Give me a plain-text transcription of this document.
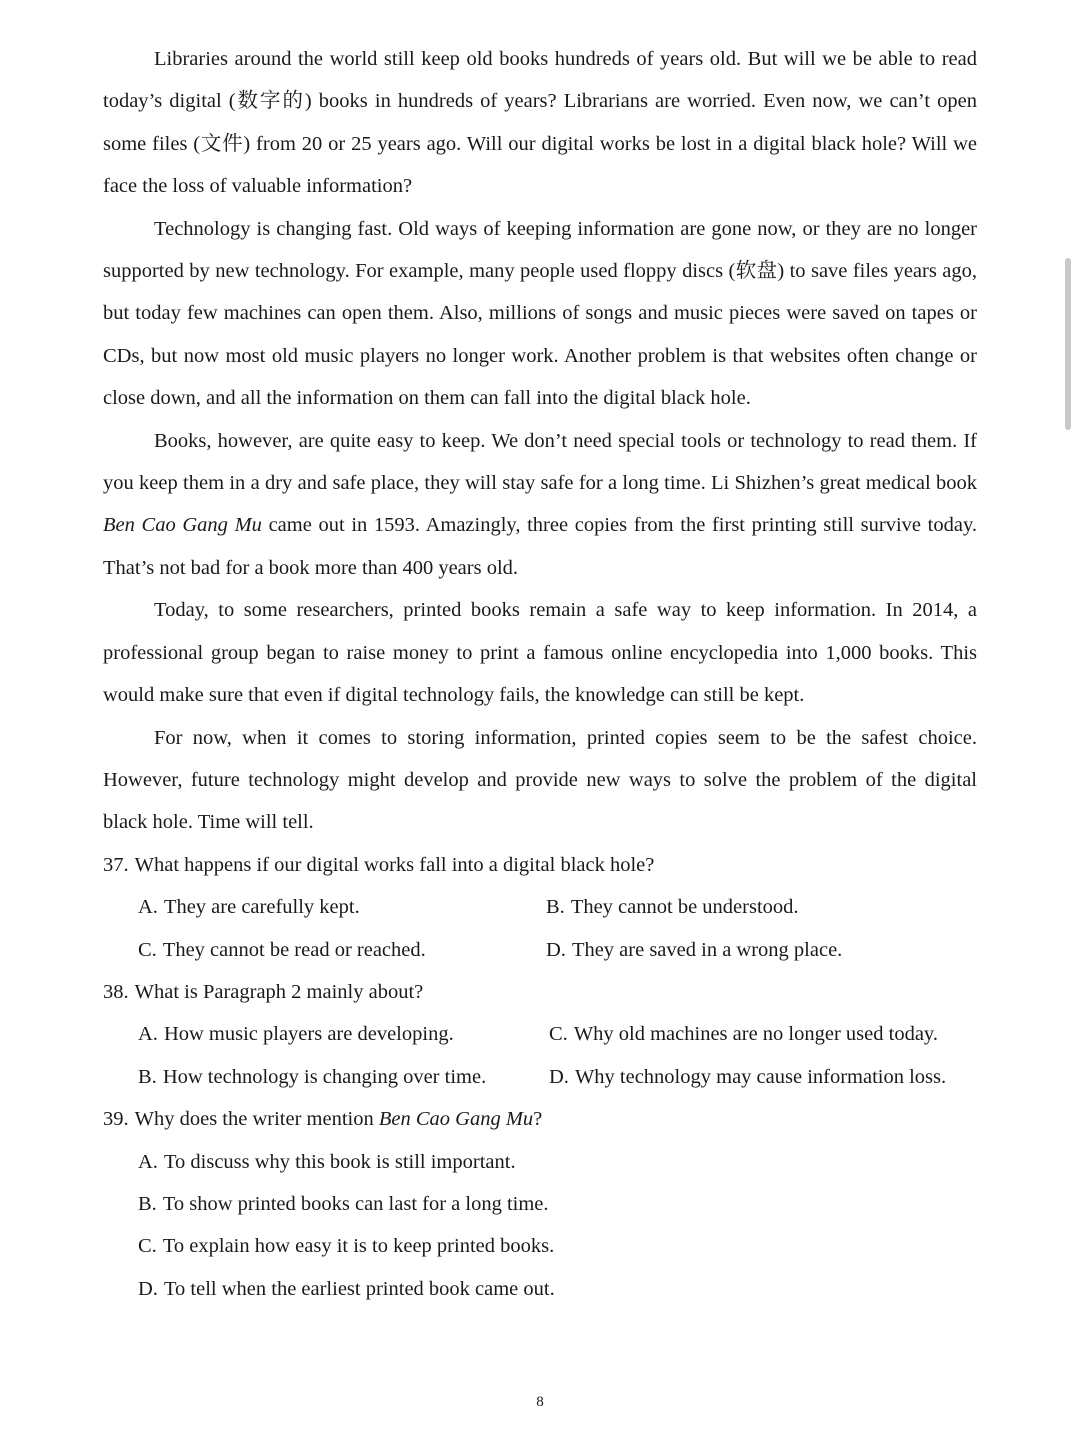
Libraries around the world still keep old books hundreds of years old. But will we be able to read today’s digital (数字的) books in hundreds of years? Librarians are worried. Even now, we can’t open some files (文件) from 20 or 25 years ago. Will our digital works be lost in a digital black hole? Will we face the loss of valuable information?

Technology is changing fast. Old ways of keeping information are gone now, or they are no longer supported by new technology. For example, many people used floppy discs (软盘) to save files years ago, but today few machines can open them. Also, millions of songs and music pieces were saved on tapes or CDs, but now most old music players no longer work. Another problem is that websites often change or close down, and all the information on them can fall into the digital black hole.

Books, however, are quite easy to keep. We don’t need special tools or technology to read them. If you keep them in a dry and safe place, they will stay safe for a long time. Li Shizhen’s great medical book Ben Cao Gang Mu came out in 1593. Amazingly, three copies from the first printing still survive today. That’s not bad for a book more than 400 years old.

Today, to some researchers, printed books remain a safe way to keep information. In 2014, a professional group began to raise money to print a famous online encyclopedia into 1,000 books. This would make sure that even if digital technology fails, the knowledge can still be kept.

For now, when it comes to storing information, printed copies seem to be the safest choice. However, future technology might develop and provide new ways to solve the problem of the digital black hole. Time will tell.

37. What happens if our digital works fall into a digital black hole?

A. They are carefully kept.	B. They cannot be understood.
C. They cannot be read or reached.	D. They are saved in a wrong place.

38. What is Paragraph 2 mainly about?

A. How music players are developing.	C. Why old machines are no longer used today.
B. How technology is changing over time.	D. Why technology may cause information loss.

39. Why does the writer mention Ben Cao Gang Mu?

A. To discuss why this book is still important.
B. To show printed books can last for a long time.
C. To explain how easy it is to keep printed books.
D. To tell when the earliest printed book came out.
8
